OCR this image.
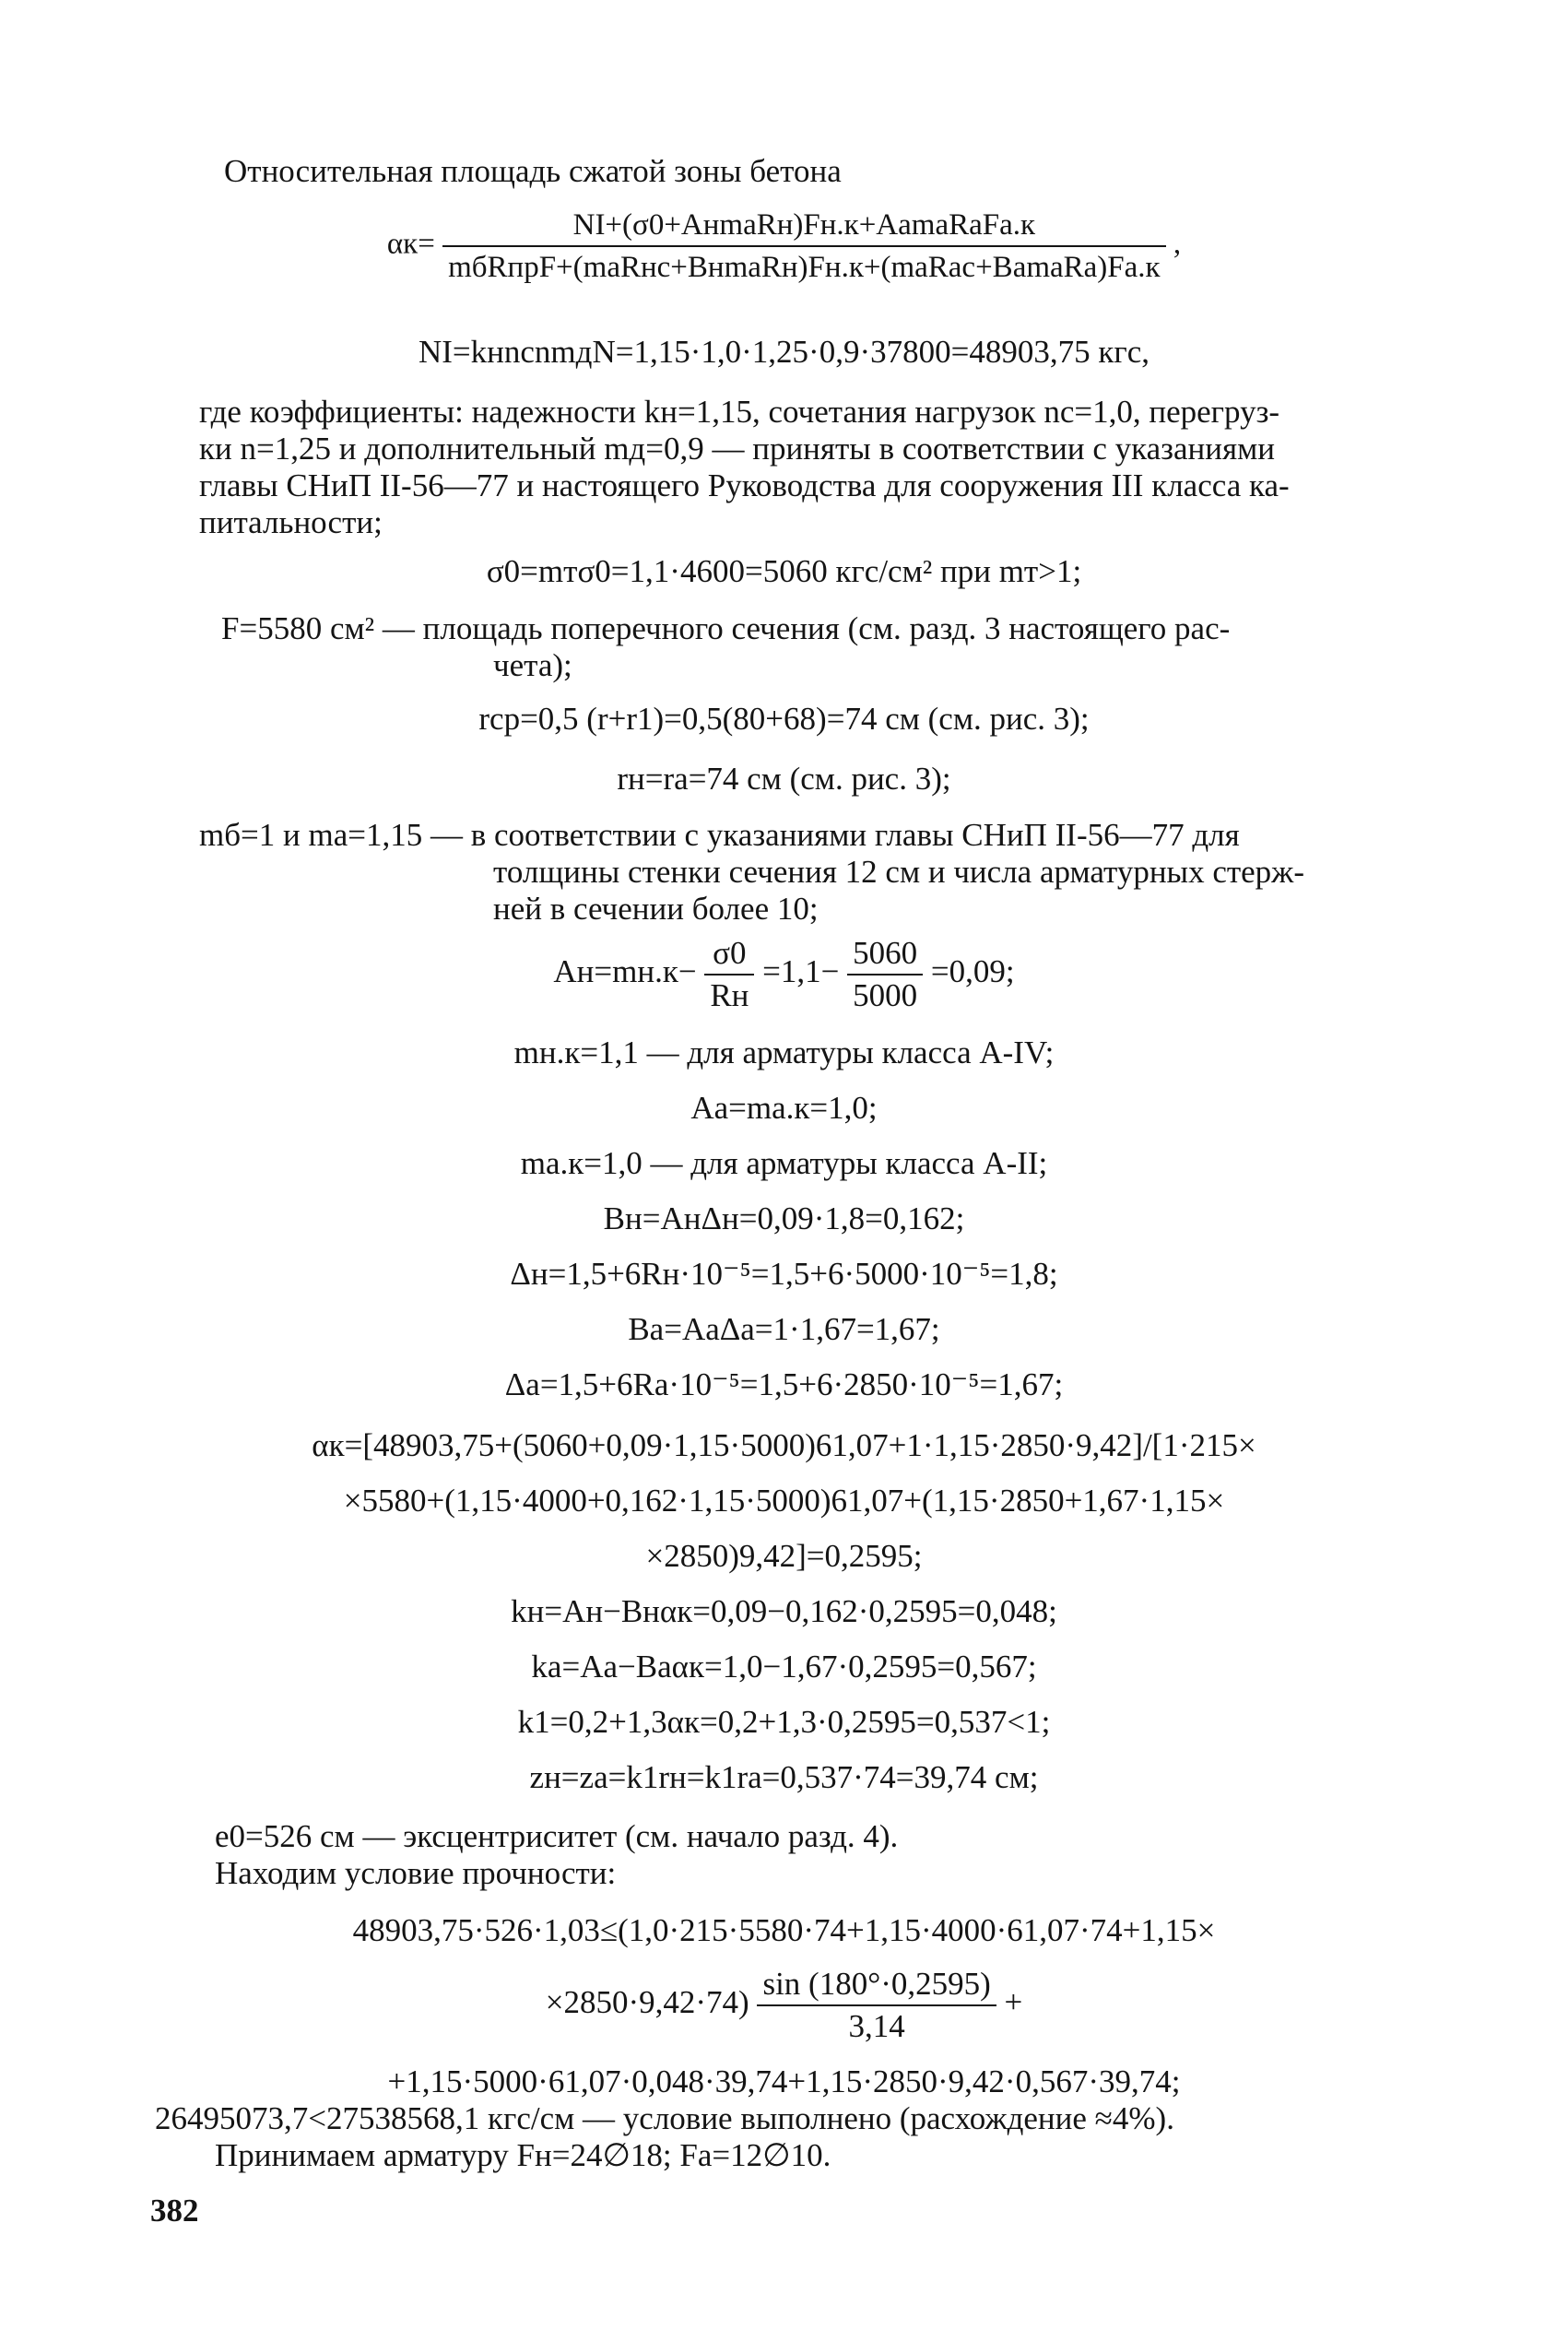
Относительная площадь сжатой зоны бетона

$\alpha к= \frac{\text{NI+(σ0+AнmaRн)Fн.к+AamaRaFa.к}}{\text{mбRпрF+(maRнс+BнmaRн)Fн.к+(maRac+BamaRa)Fa.к}}$ ,

NI=kнncnmдN=1,15·1,0·1,25·0,9·37800=48903,75 кгс,

где коэффициенты: надежности kн=1,15, сочетания нагрузок nc=1,0, перегруз-

ки n=1,25 и дополнительный mд=0,9 — приняты в соответствии с указаниями

главы СНиП II-56—77 и настоящего Руководства для сооружения III класса ка-

питальности;

σ0=mтσ0=1,1·4600=5060 кгс/см² при mт>1;

F=5580 см² — площадь поперечного сечения (см. разд. 3 настоящего рас-

чета);

rср=0,5 (r+r1)=0,5(80+68)=74 см (см. рис. 3);

rн=ra=74 см (см. рис. 3);

mб=1 и ma=1,15 — в соответствии с указаниями главы СНиП II-56—77 для

толщины стенки сечения 12 см и числа арматурных стерж-

ней в сечении более 10;

$Aн=mн.к- \frac{\sigma 0}{Rн} =1,1- \frac{5060}{5000} =0,09$;

mн.к=1,1 — для арматуры класса A-IV;

Aa=ma.к=1,0;

ma.к=1,0 — для арматуры класса A-II;

Bн=AнΔн=0,09·1,8=0,162;

Δн=1,5+6Rн·10⁻⁵=1,5+6·5000·10⁻⁵=1,8;

Ba=AaΔa=1·1,67=1,67;

Δa=1,5+6Ra·10⁻⁵=1,5+6·2850·10⁻⁵=1,67;

αк=[48903,75+(5060+0,09·1,15·5000)61,07+1·1,15·2850·9,42]/[1·215×

×5580+(1,15·4000+0,162·1,15·5000)61,07+(1,15·2850+1,67·1,15×

×2850)9,42]=0,2595;

kн=Aн−Bнαк=0,09−0,162·0,2595=0,048;

ka=Aa−Baαк=1,0−1,67·0,2595=0,567;

k1=0,2+1,3αк=0,2+1,3·0,2595=0,537<1;

zн=za=k1rн=k1ra=0,537·74=39,74 см;

e0=526 см — эксцентриситет (см. начало разд. 4).

Находим условие прочности:

48903,75·526·1,03≤(1,0·215·5580·74+1,15·4000·61,07·74+1,15×

$\times 2850\cdot 9,42\cdot 74) \frac{\sin (180^\circ\cdot 0,2595)}{3,14}$ +

+1,15·5000·61,07·0,048·39,74+1,15·2850·9,42·0,567·39,74;

26495073,7<27538568,1 кгс/см — условие выполнено (расхождение ≈4%).

Принимаем арматуру Fн=24∅18; Fa=12∅10.

382
